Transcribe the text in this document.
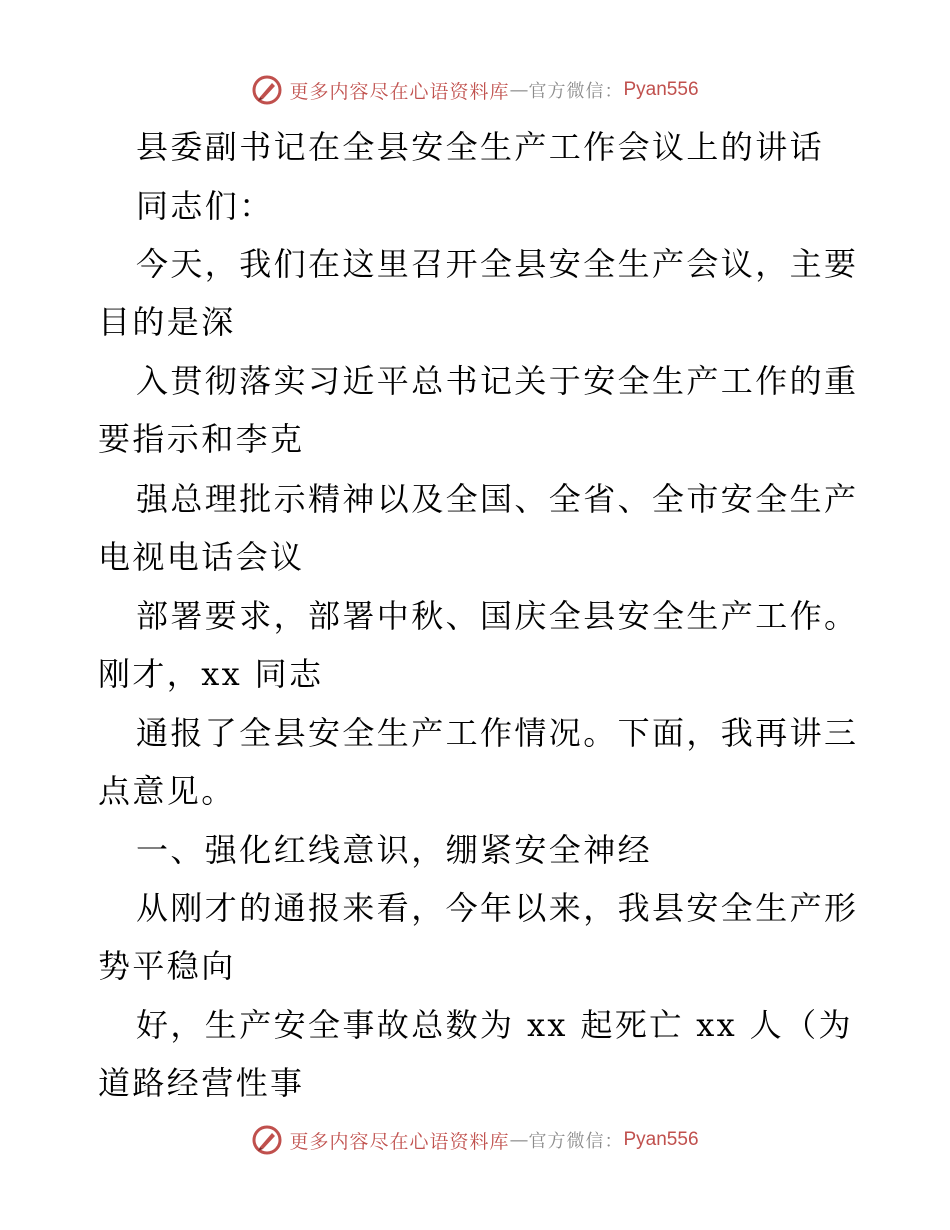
更多内容尽在心语资料库 — 官方微信： Pyan556
县委副书记在全县安全生产工作会议上的讲话
同志们：
今天，我们在这里召开全县安全生产会议，主要
目的是深
入贯彻落实习近平总书记关于安全生产工作的重
要指示和李克
强总理批示精神以及全国、全省、全市安全生产
电视电话会议
部署要求，部署中秋、国庆全县安全生产工作。
刚才，xx 同志
通报了全县安全生产工作情况。下面，我再讲三
点意见。
一、强化红线意识，绷紧安全神经
从刚才的通报来看，今年以来，我县安全生产形
势平稳向
好，生产安全事故总数为 xx 起死亡 xx 人（为
道路经营性事
更多内容尽在心语资料库 — 官方微信： Pyan556
